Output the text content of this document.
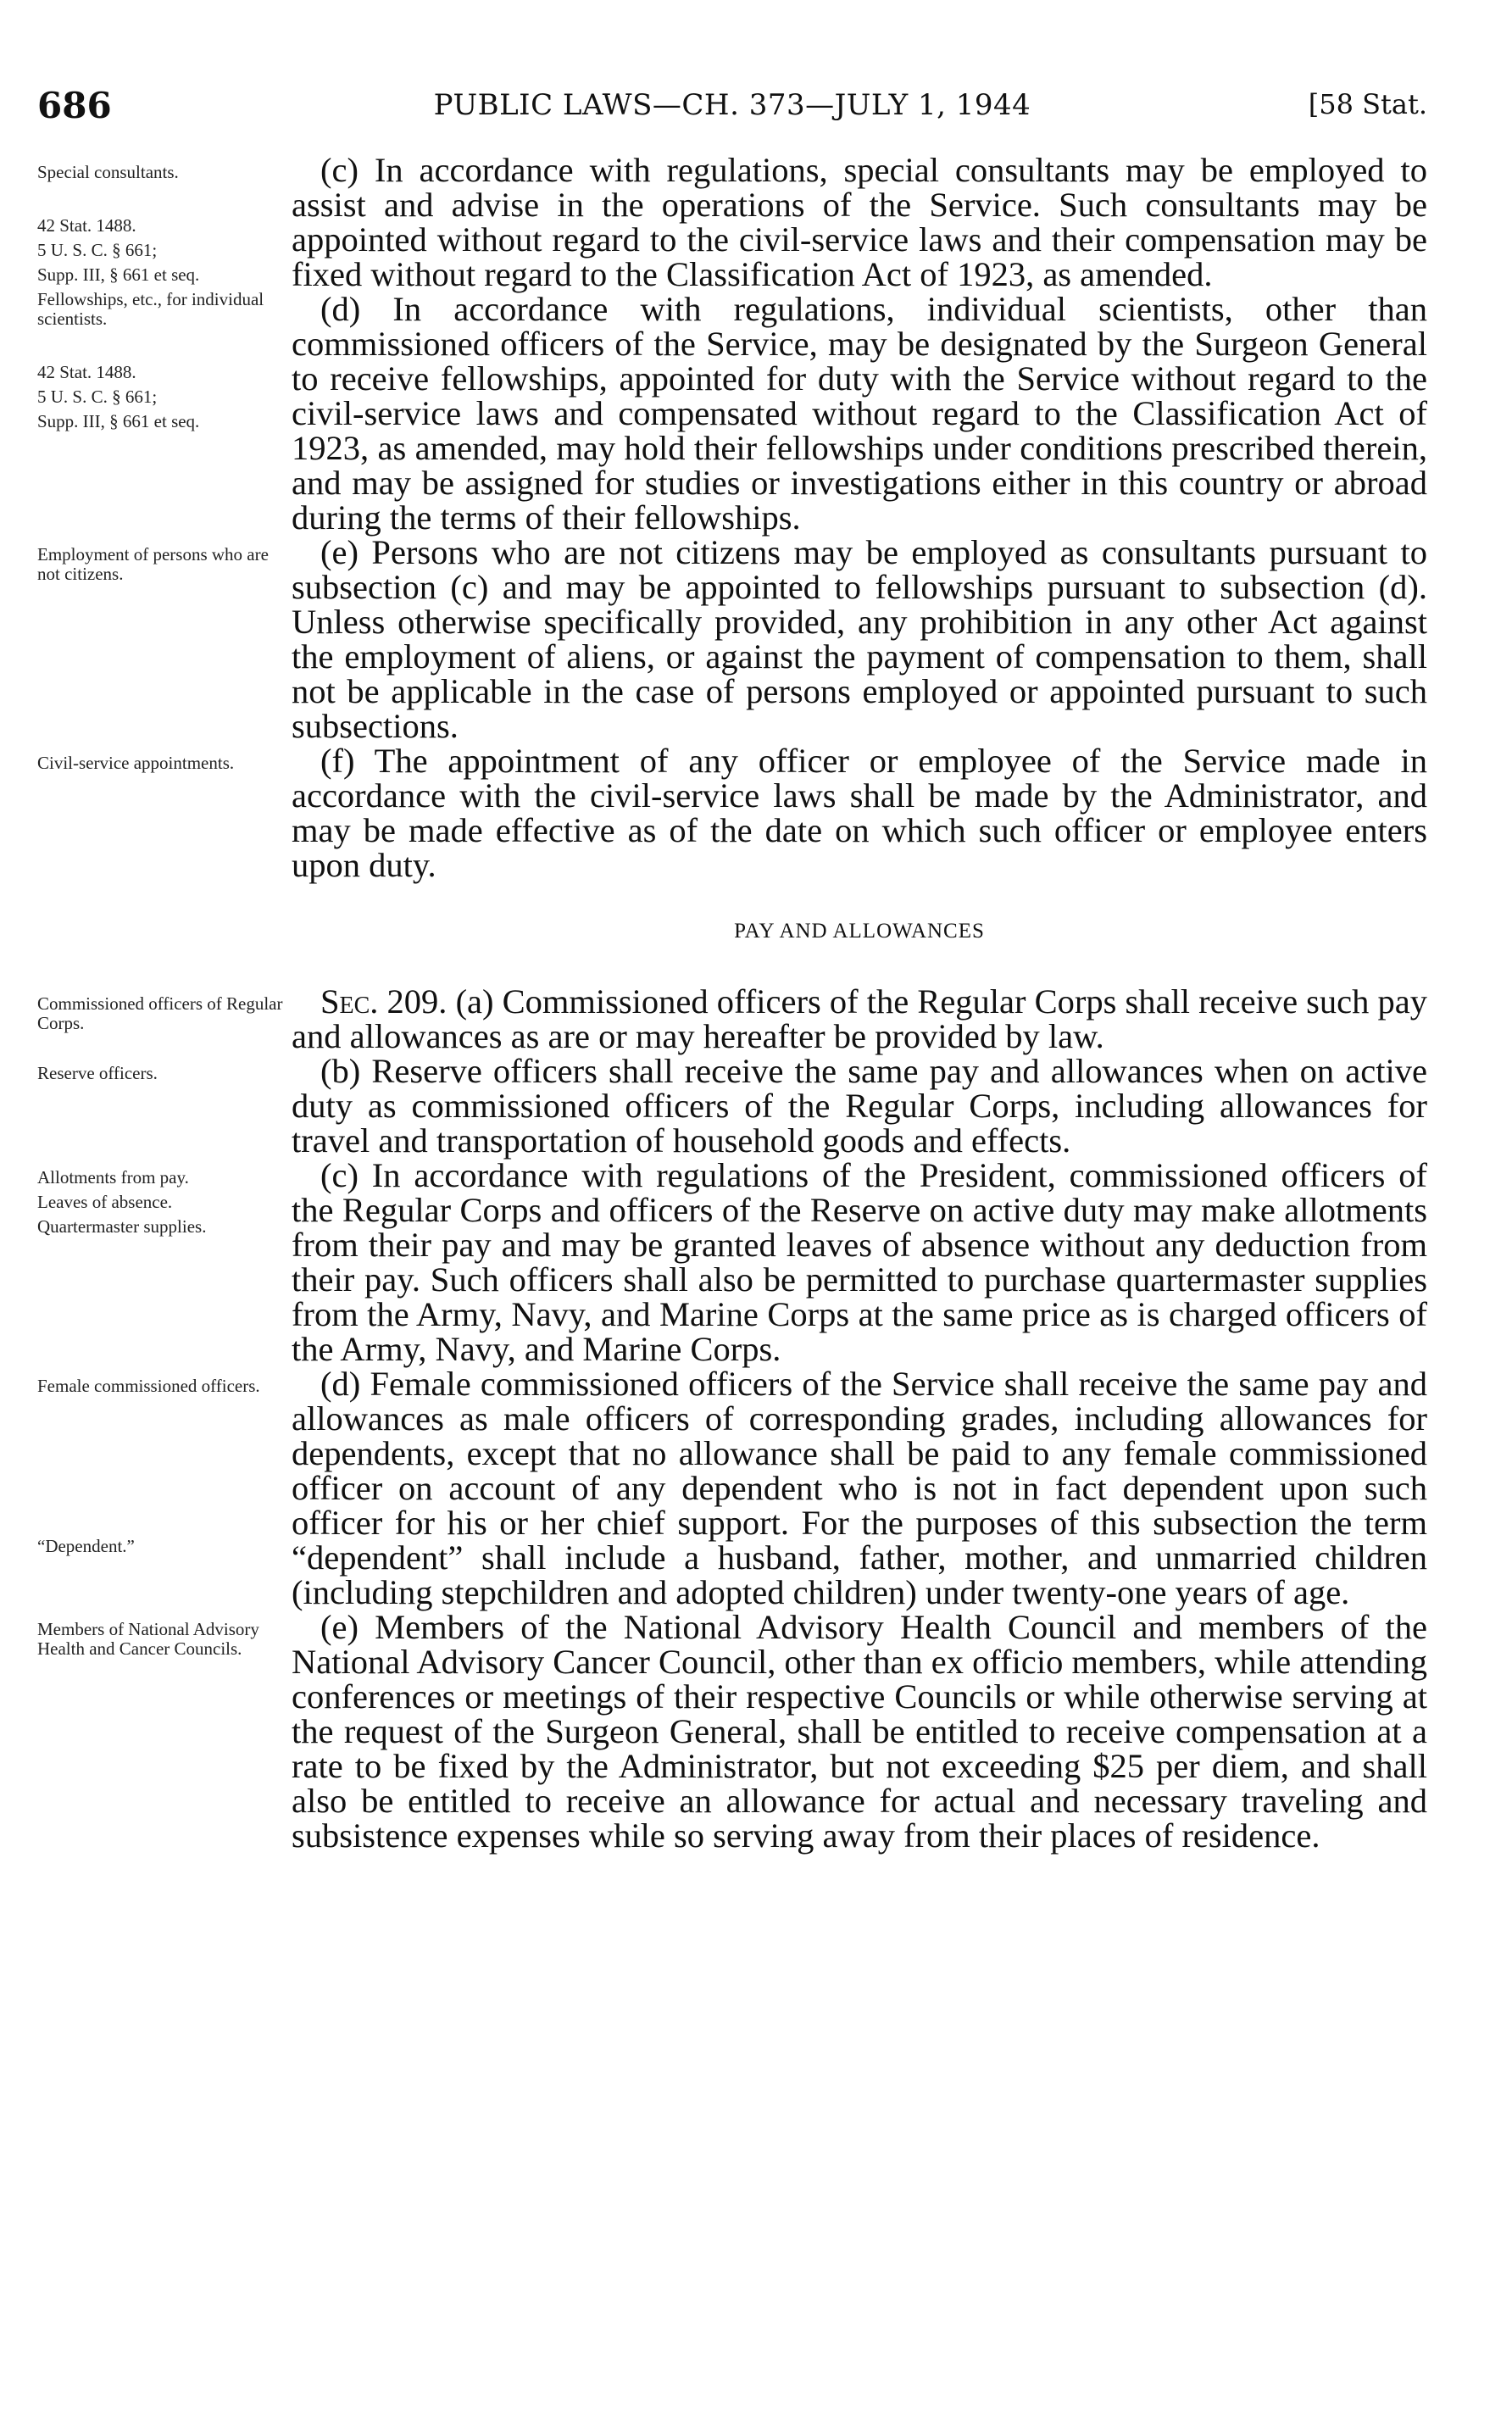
686	PUBLIC LAWS—CH. 373—JULY 1, 1944	[58 Stat.
Special consultants.
42 Stat. 1488.
5 U. S. C. § 661;
Supp. III, § 661 et seq.
Fellowships, etc., for individual scientists.
42 Stat. 1488.
5 U. S. C. § 661;
Supp. III, § 661 et seq.

(c) In accordance with regulations, special consultants may be employed to assist and advise in the operations of the Service. Such consultants may be appointed without regard to the civil-service laws and their compensation may be fixed without regard to the Classification Act of 1923, as amended.

(d) In accordance with regulations, individual scientists, other than commissioned officers of the Service, may be designated by the Surgeon General to receive fellowships, appointed for duty with the Service without regard to the civil-service laws and compensated without regard to the Classification Act of 1923, as amended, may hold their fellowships under conditions prescribed therein, and may be assigned for studies or investigations either in this country or abroad during the terms of their fellowships.

Employment of persons who are not citizens.

(e) Persons who are not citizens may be employed as consultants pursuant to subsection (c) and may be appointed to fellowships pursuant to subsection (d). Unless otherwise specifically provided, any prohibition in any other Act against the employment of aliens, or against the payment of compensation to them, shall not be applicable in the case of persons employed or appointed pursuant to such subsections.

Civil-service appointments.	(f) The appointment of any officer or employee of the Service made in accordance with the civil-service laws shall be made by the Administrator, and may be made effective as of the date on which such officer or employee enters upon duty.

PAY AND ALLOWANCES
Commissioned officers of Regular Corps.

Sec. 209. (a) Commissioned officers of the Regular Corps shall receive such pay and allowances as are or may hereafter be provided by law.

Reserve officers.	(b) Reserve officers shall receive the same pay and allowances when on active duty as commissioned officers of the Regular Corps, including allowances for travel and transportation of household goods and effects.

Allotments from pay.
Leaves of absence.
Quartermaster supplies.

(c) In accordance with regulations of the President, commissioned officers of the Regular Corps and officers of the Reserve on active duty may make allotments from their pay and may be granted leaves of absence without any deduction from their pay. Such officers shall also be permitted to purchase quartermaster supplies from the Army, Navy, and Marine Corps at the same price as is charged officers of the Army, Navy, and Marine Corps.

Female commissioned officers.
“Dependent.”

(d) Female commissioned officers of the Service shall receive the same pay and allowances as male officers of corresponding grades, including allowances for dependents, except that no allowance shall be paid to any female commissioned officer on account of any dependent who is not in fact dependent upon such officer for his or her chief support. For the purposes of this subsection the term “dependent” shall include a husband, father, mother, and unmarried children (including stepchildren and adopted children) under twenty-one years of age.

Members of National Advisory Health and Cancer Councils.

(e) Members of the National Advisory Health Council and members of the National Advisory Cancer Council, other than ex officio members, while attending conferences or meetings of their respective Councils or while otherwise serving at the request of the Surgeon General, shall be entitled to receive compensation at a rate to be fixed by the Administrator, but not exceeding $25 per diem, and shall also be entitled to receive an allowance for actual and necessary traveling and subsistence expenses while so serving away from their places of residence.
